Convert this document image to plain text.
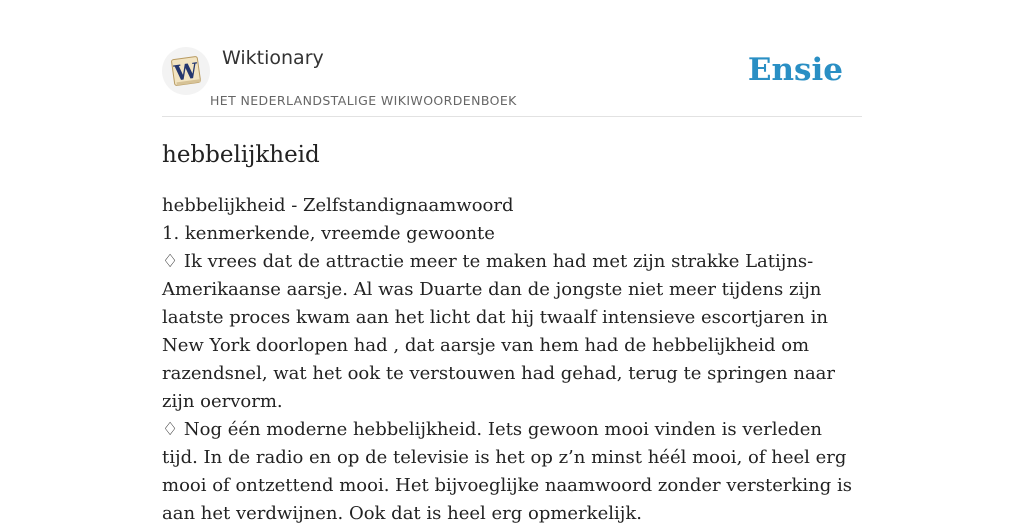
W Wiktionary
HET NEDERLANDSTALIGE WIKIWOORDENBOEK
Ensie
hebbelijkheid
hebbelijkheid - Zelfstandignaamwoord
1. kenmerkende, vreemde gewoonte
♢ Ik vrees dat de attractie meer te maken had met zijn strakke Latijns-Amerikaanse aarsje. Al was Duarte dan de jongste niet meer tijdens zijn laatste proces kwam aan het licht dat hij twaalf intensieve escortjaren in New York doorlopen had , dat aarsje van hem had de hebbelijkheid om razendsnel, wat het ook te verstouwen had gehad, terug te springen naar zijn oervorm.
♢ Nog één moderne hebbelijkheid. Iets gewoon mooi vinden is verleden tijd. In de radio en op de televisie is het op z’n minst héél mooi, of heel erg mooi of ontzettend mooi. Het bijvoeglijke naamwoord zonder versterking is aan het verdwijnen. Ook dat is heel erg opmerkelijk.
